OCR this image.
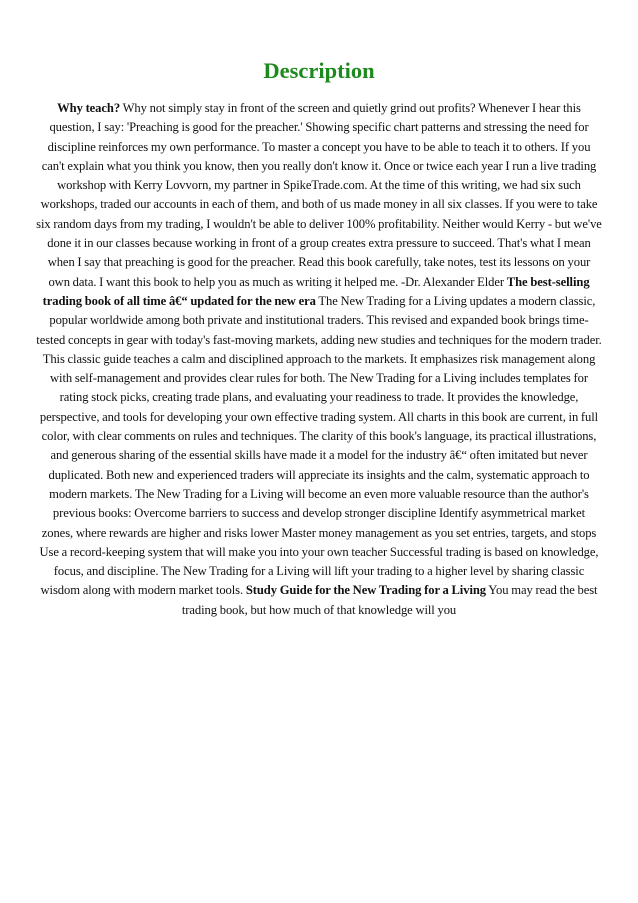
Description

Why teach? Why not simply stay in front of the screen and quietly grind out profits? Whenever I hear this question, I say: 'Preaching is good for the preacher.' Showing specific chart patterns and stressing the need for discipline reinforces my own performance. To master a concept you have to be able to teach it to others. If you can't explain what you think you know, then you really don't know it. Once or twice each year I run a live trading workshop with Kerry Lovvorn, my partner in SpikeTrade.com. At the time of this writing, we had six such workshops, traded our accounts in each of them, and both of us made money in all six classes. If you were to take six random days from my trading, I wouldn't be able to deliver 100% profitability. Neither would Kerry - but we've done it in our classes because working in front of a group creates extra pressure to succeed. That's what I mean when I say that preaching is good for the preacher. Read this book carefully, take notes, test its lessons on your own data. I want this book to help you as much as writing it helped me. -Dr. Alexander Elder The best-selling trading book of all time â€“ updated for the new era The New Trading for a Living updates a modern classic, popular worldwide among both private and institutional traders. This revised and expanded book brings time-tested concepts in gear with today's fast-moving markets, adding new studies and techniques for the modern trader. This classic guide teaches a calm and disciplined approach to the markets. It emphasizes risk management along with self-management and provides clear rules for both. The New Trading for a Living includes templates for rating stock picks, creating trade plans, and evaluating your readiness to trade. It provides the knowledge, perspective, and tools for developing your own effective trading system. All charts in this book are current, in full color, with clear comments on rules and techniques. The clarity of this book's language, its practical illustrations, and generous sharing of the essential skills have made it a model for the industry â€“ often imitated but never duplicated. Both new and experienced traders will appreciate its insights and the calm, systematic approach to modern markets. The New Trading for a Living will become an even more valuable resource than the author's previous books: Overcome barriers to success and develop stronger discipline Identify asymmetrical market zones, where rewards are higher and risks lower Master money management as you set entries, targets, and stops Use a record-keeping system that will make you into your own teacher Successful trading is based on knowledge, focus, and discipline. The New Trading for a Living will lift your trading to a higher level by sharing classic wisdom along with modern market tools. Study Guide for the New Trading for a Living You may read the best trading book, but how much of that knowledge will you
